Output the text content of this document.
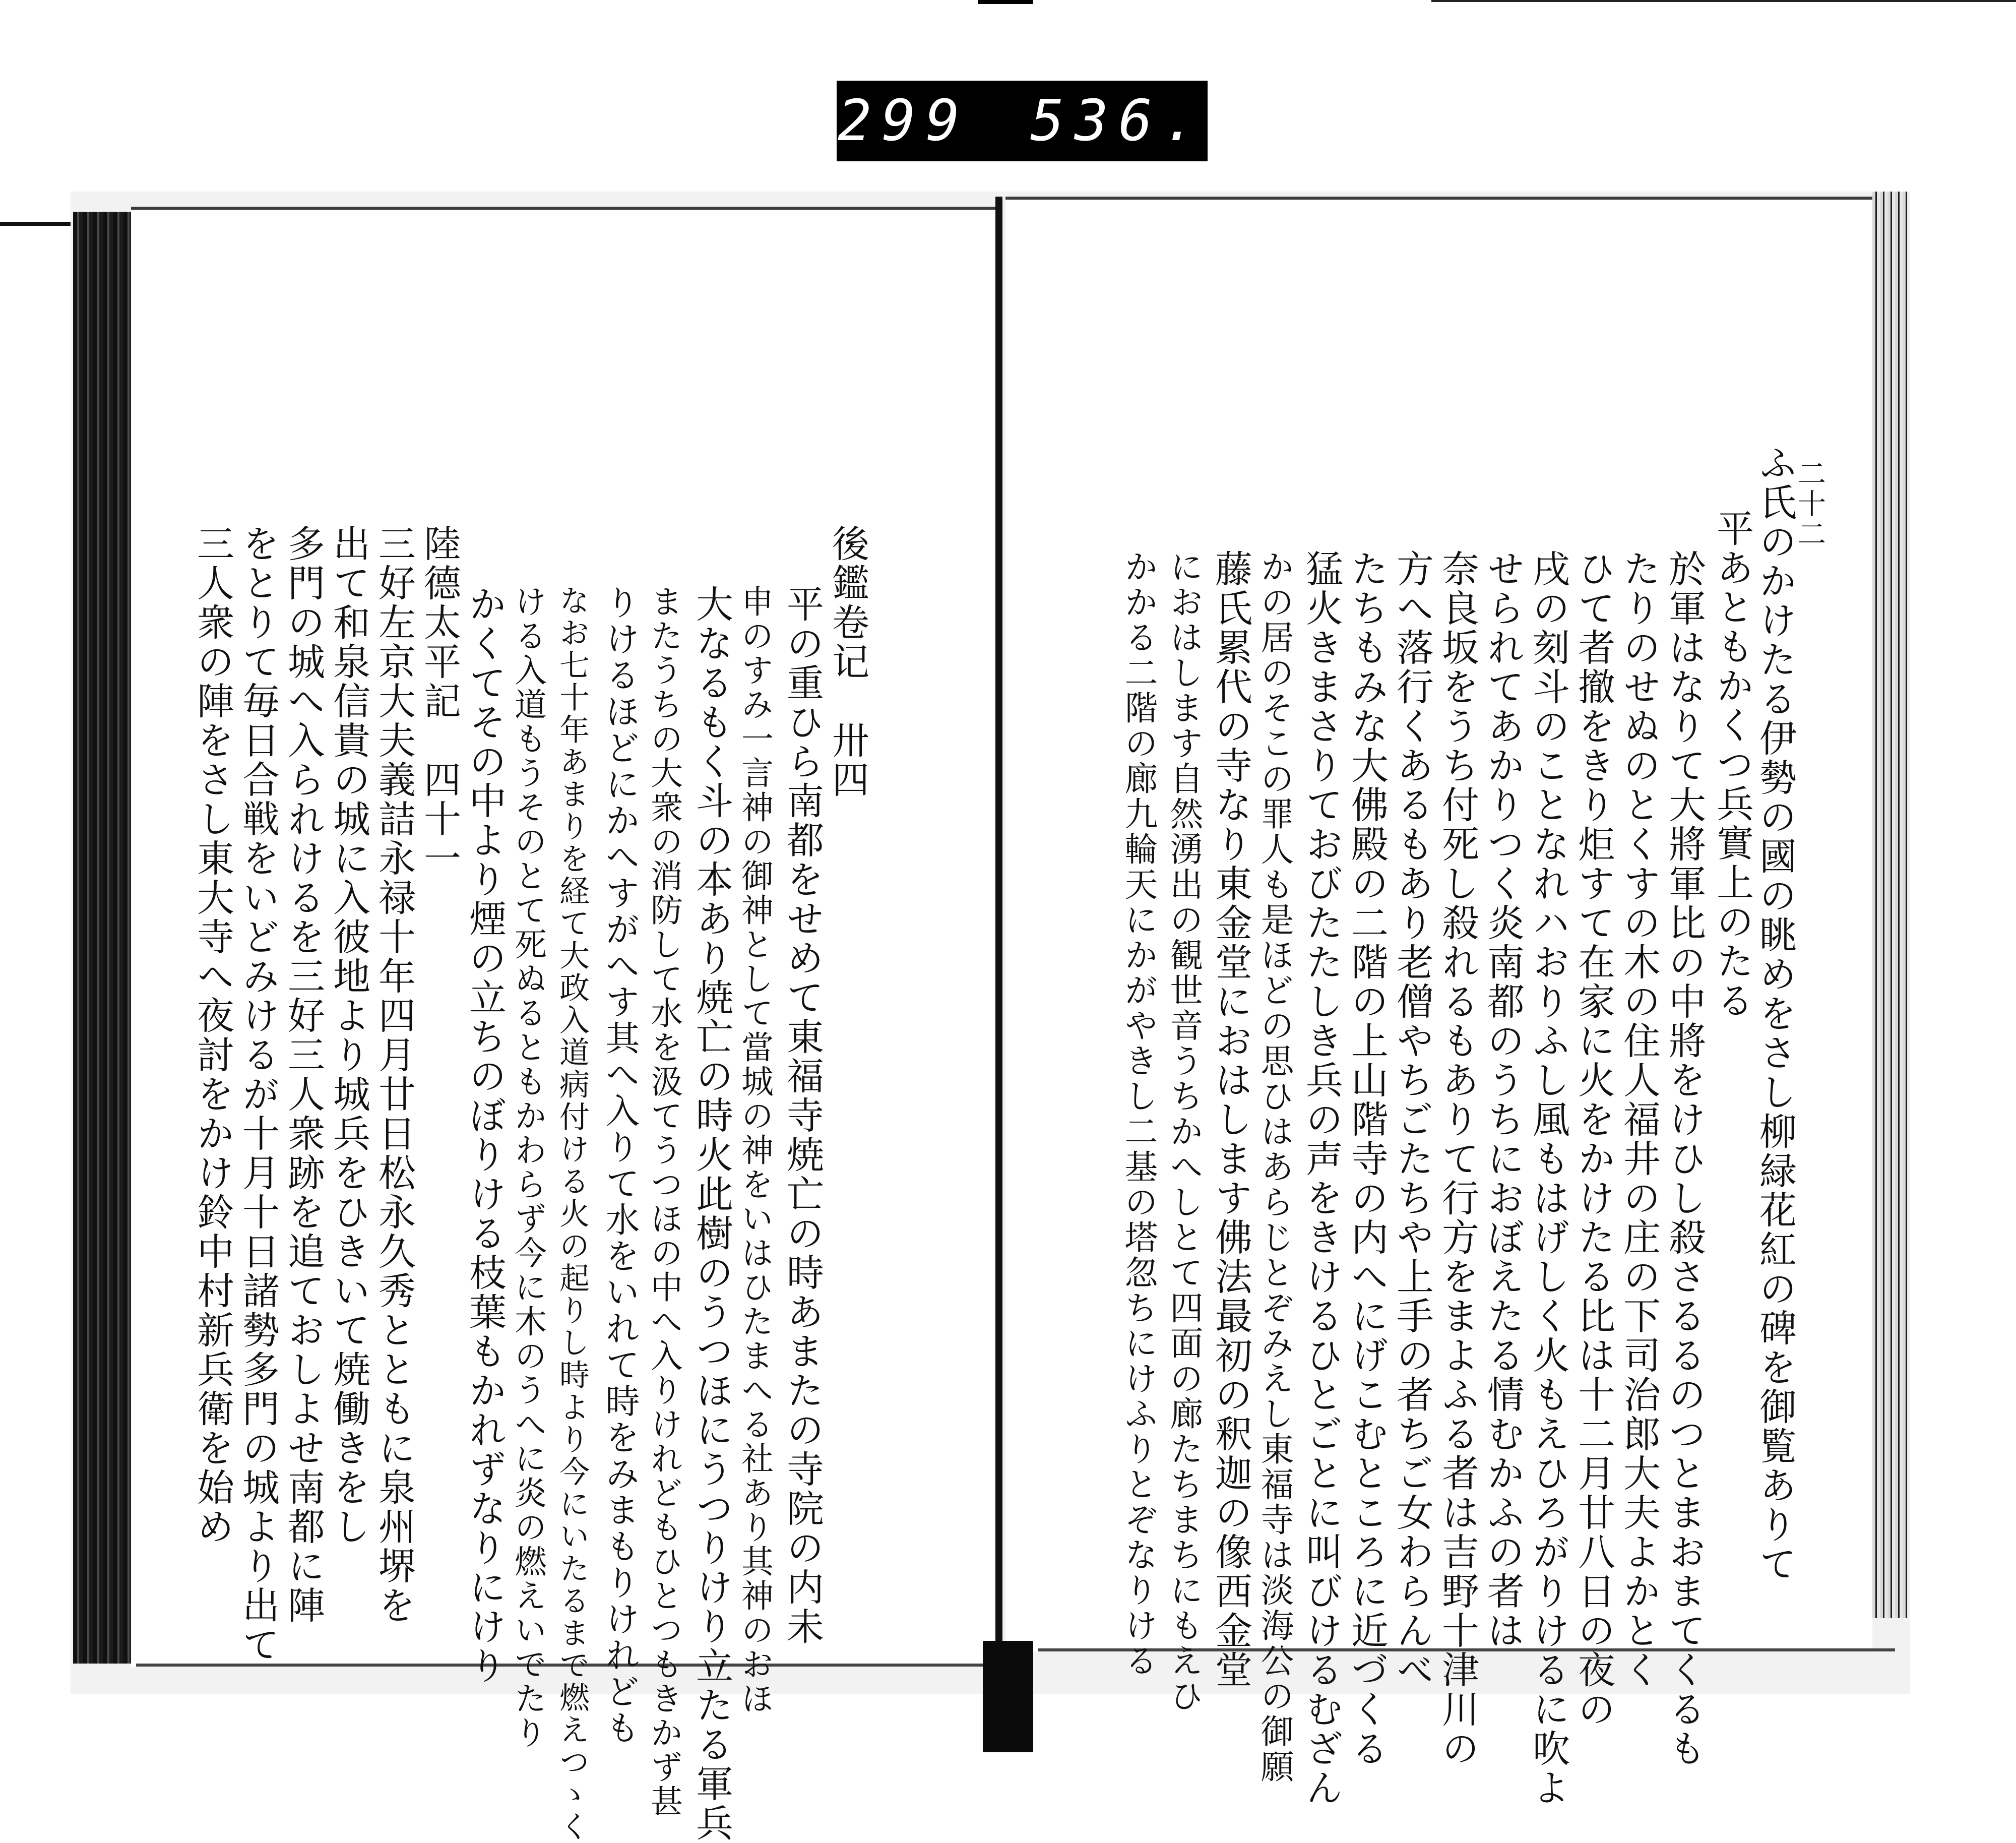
299 536.
二十二
ふ氏のかけたる伊勢の國の眺めをさし柳緑花紅の碑を御覧ありて
平あともかくつ兵實上のたる
於軍はなりて大將軍比の中將をけひし殺さるるのつとまおまてくるも
たりのせぬのとくすの木の住人福井の庄の下司治郎大夫よかとく
ひて者撤をきり炬すて在家に火をかけたる比は十二月廿八日の夜の
戌の刻斗のことなれハおりふし風もはげしく火もえひろがりけるに吹よ
せられてあかりつく炎南都のうちにおぼえたる情むかふの者は
奈良坂をうち付死し殺れるもありて行方をまよふる者は吉野十津川の
方へ落行くあるもあり老僧やちごたちや上手の者ちご女わらんべ
たちもみな大佛殿の二階の上山階寺の内へにげこむところに近づくる
猛火きまさりておびたたしき兵の声をきけるひとごとに叫びけるむざん
かの居のそこの罪人も是ほどの思ひはあらじとぞみえし東福寺は淡海公の御願
藤氏累代の寺なり東金堂におはします佛法最初の釈迦の像西金堂
におはします自然湧出の観世音うちかへしとて四面の廊たちまちにもえひ
かかる二階の廊九輪天にかがやきし二基の塔忽ちにけふりとぞなりける
後鑑卷记　卅四
平の重ひら南都をせめて東福寺焼亡の時あまたの寺院の内未
申のすみ一言神の御神として當城の神をいはひたまへる社あり其神のおほ
大なるもく斗の本あり焼亡の時火此樹のうつほにうつりけり立たる軍兵
またうちの大衆の消防して水を汲てうつほの中へ入りけれどもひとつもきかず甚
りけるほどにかへすがへす其へ入りて水をいれて時をみまもりけれども
なお七十年あまりを経て大政入道病付ける火の起りし時より今にいたるまで燃えつゝく
ける入道もうそのとて死ぬるともかわらず今に木のうへに炎の燃えいでたり
かくてその中より煙の立ちのぼりける枝葉もかれずなりにけり
陸德太平記　四十一
三好左京大夫義詰永禄十年四月廿日松永久秀とともに泉州堺を
出て和泉信貴の城に入彼地より城兵をひきいて焼働きをし
多門の城へ入られけるを三好三人衆跡を追ておしよせ南都に陣
をとりて毎日合戦をいどみけるが十月十日諸勢多門の城より出て
三人衆の陣をさし東大寺へ夜討をかけ鈴中村新兵衛を始め
